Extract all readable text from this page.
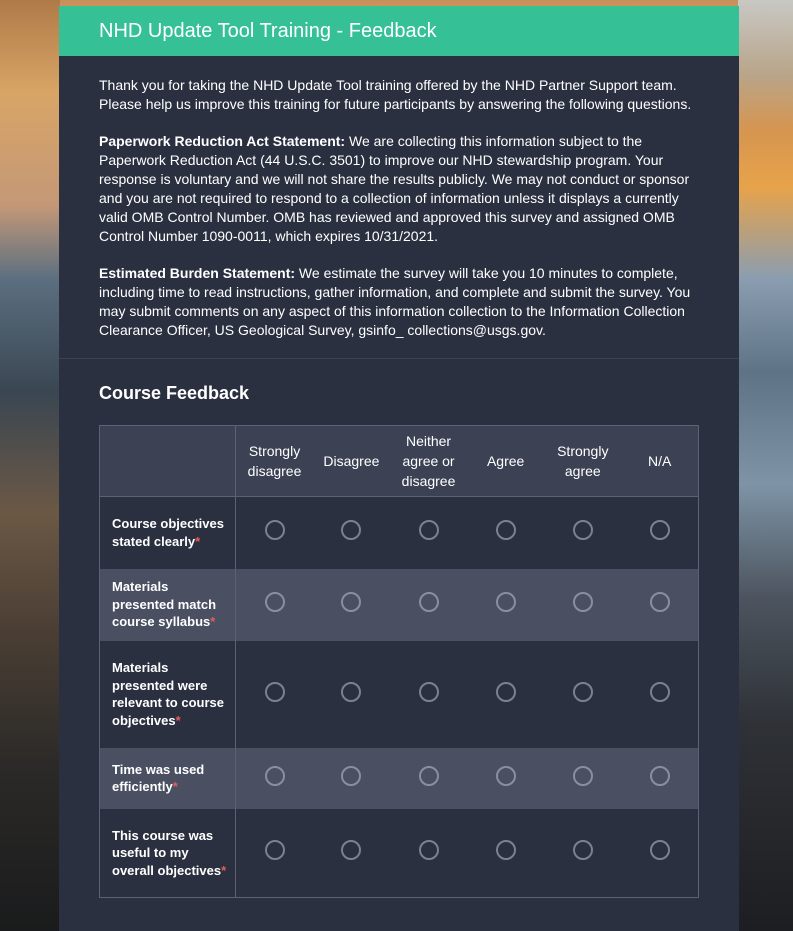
NHD Update Tool Training - Feedback

Thank you for taking the NHD Update Tool training offered by the NHD Partner Support team. Please help us improve this training for future participants by answering the following questions.

Paperwork Reduction Act Statement: We are collecting this information subject to the Paperwork Reduction Act (44 U.S.C. 3501) to improve our NHD stewardship program. Your response is voluntary and we will not share the results publicly. We may not conduct or sponsor and you are not required to respond to a collection of information unless it displays a currently valid OMB Control Number. OMB has reviewed and approved this survey and assigned OMB Control Number 1090-0011, which expires 10/31/2021.

Estimated Burden Statement: We estimate the survey will take you 10 minutes to complete, including time to read instructions, gather information, and complete and submit the survey. You may submit comments on any aspect of this information collection to the Information Collection Clearance Officer, US Geological Survey, gsinfo_ collections@usgs.gov.

Course Feedback
	Strongly disagree	Disagree	Neither agree or disagree	Agree	Strongly agree	N/A
Course objectives stated clearly*						
Materials presented match course syllabus*						
Materials presented were relevant to course objectives*						
Time was used efficiently*						
This course was useful to my overall objectives*						
